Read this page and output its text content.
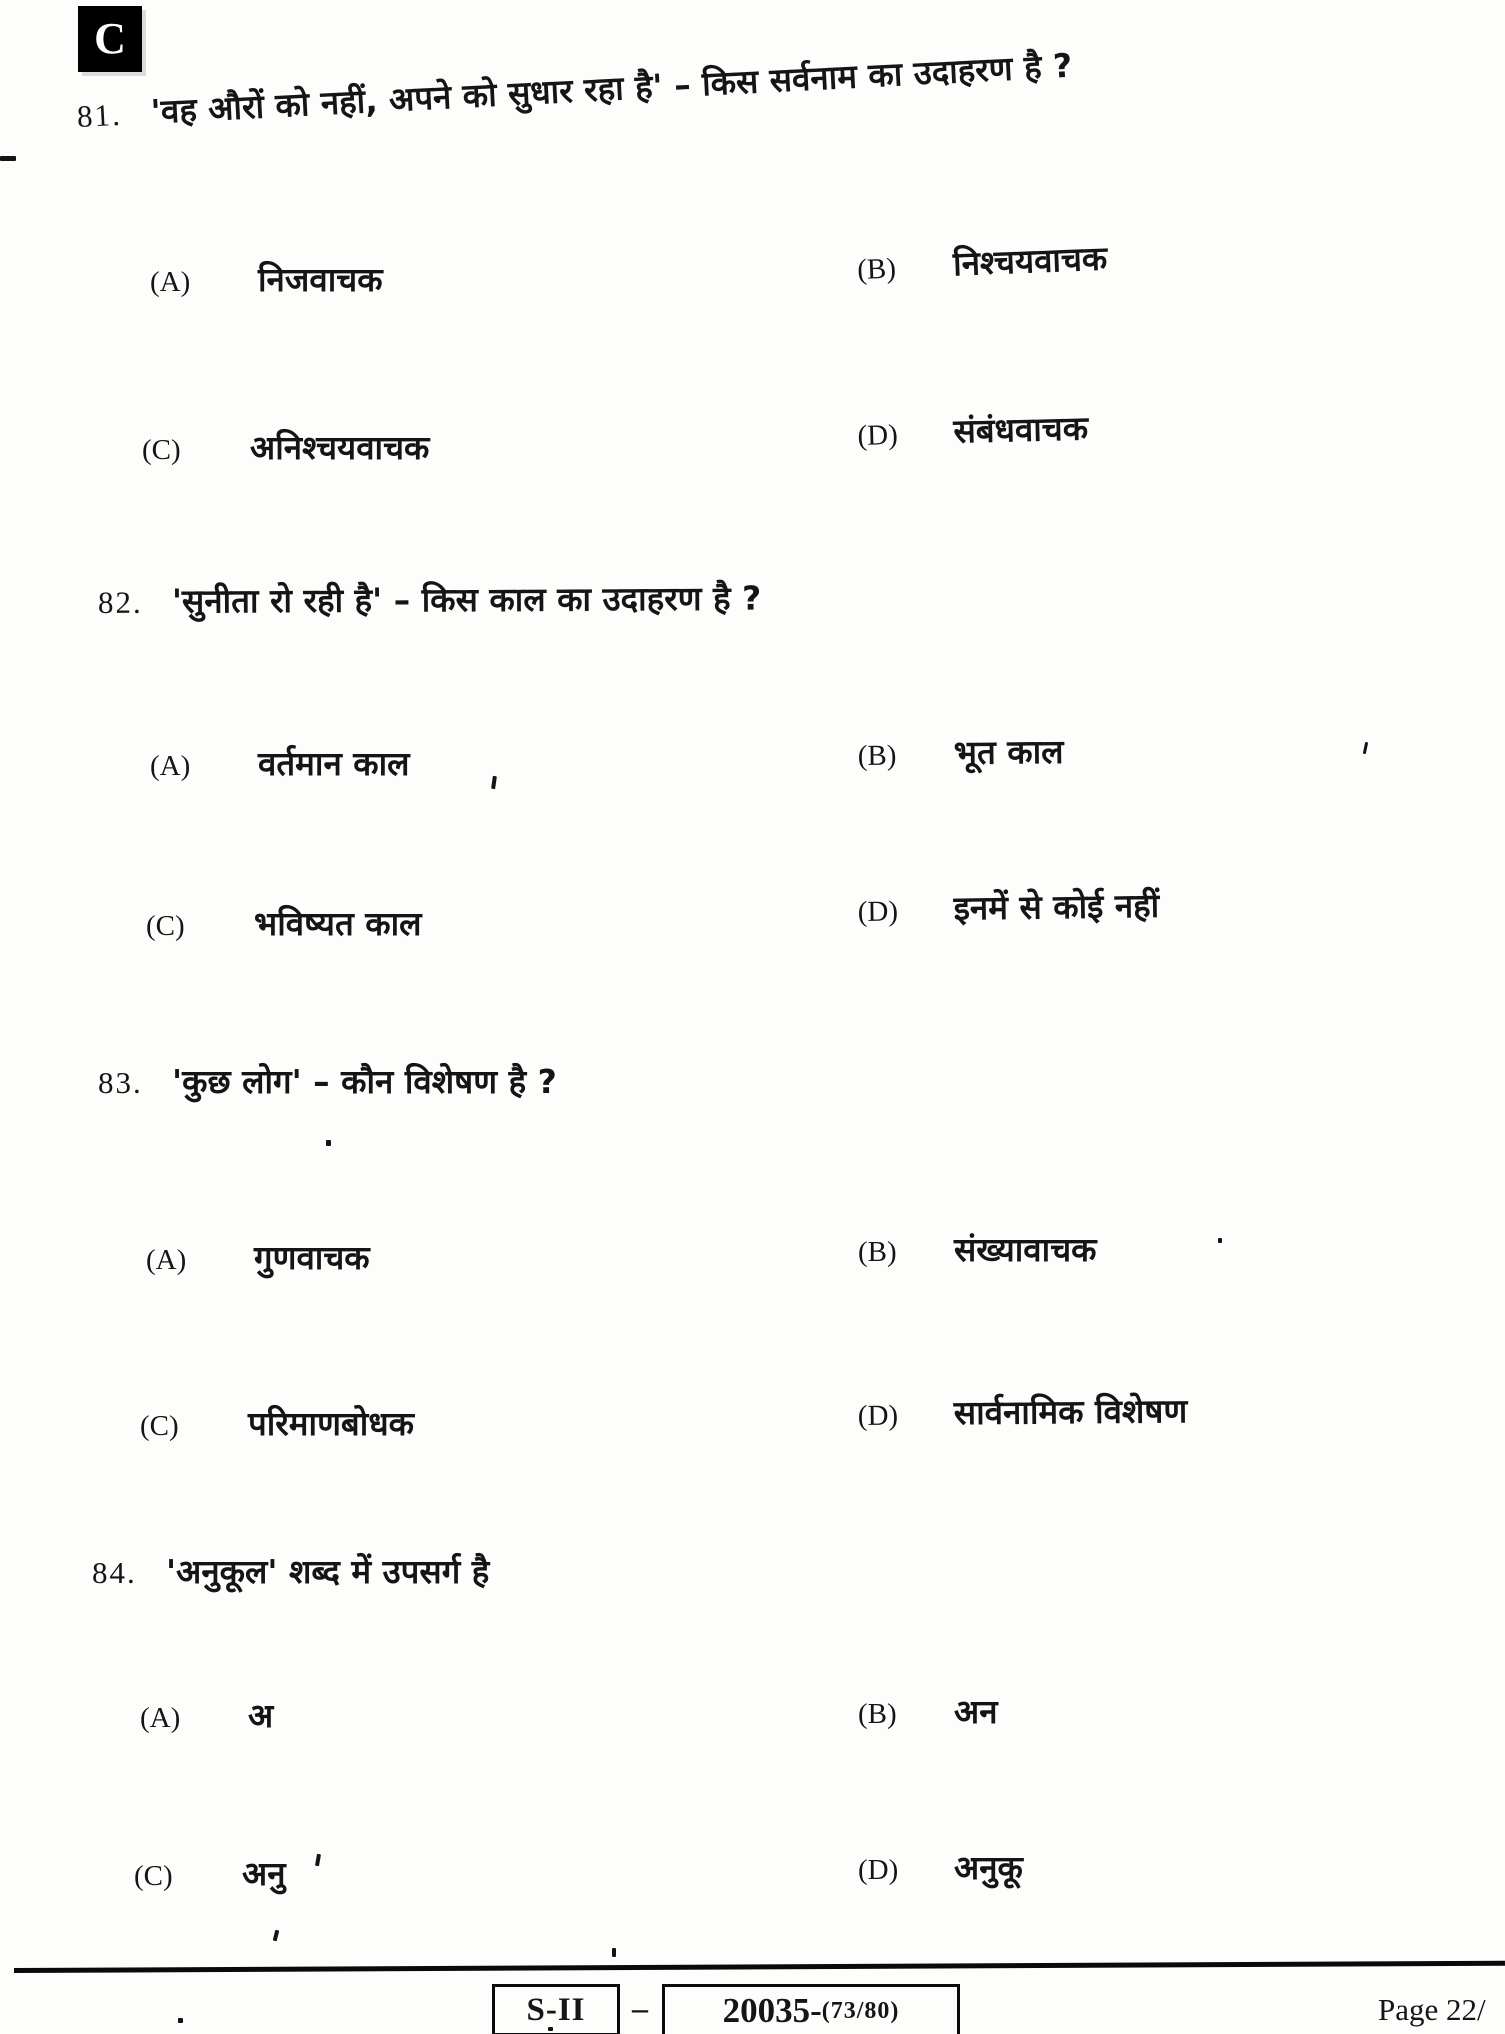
C
81. 'वह औरों को नहीं, अपने को सुधार रहा है' – किस सर्वनाम का उदाहरण है ?
(A)	निजवाचक	(B)	निश्चयवाचक
(C)	अनिश्चयवाचक	(D)	संबंधवाचक
82. 'सुनीता रो रही है' – किस काल का उदाहरण है ?
(A)	वर्तमान काल	(B)	भूत काल
(C)	भविष्यत काल	(D)	इनमें से कोई नहीं
83. 'कुछ लोग' – कौन विशेषण है ?
(A)	गुणवाचक	(B)	संख्यावाचक
(C)	परिमाणबोधक	(D)	सार्वनामिक विशेषण
84. 'अनुकूल' शब्द में उपसर्ग है
(A)	अ	(B)	अन
(C)	अनु	(D)	अनुकू
S-II – 20035- (73/80)	Page 22/
